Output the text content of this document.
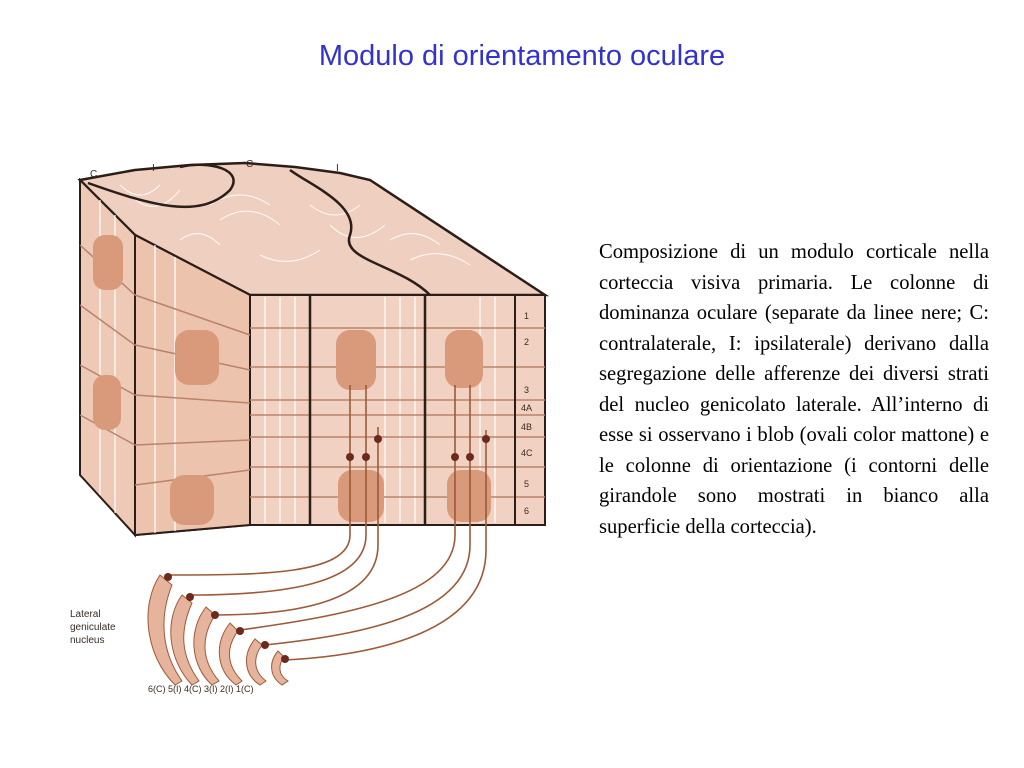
Modulo di orientamento oculare
C
I	C	I
1
2
3
4A
4B
4C
5
6
Lateral
geniculate
nucleus
6(C) 5(I) 4(C) 3(I) 2(I) 1(C)
Composizione di un modulo corticale nella corteccia visiva primaria. Le colonne di dominanza oculare (separate da linee nere; C: contralaterale, I: ipsilaterale) derivano dalla segregazione delle afferenze dei diversi strati del nucleo genicolato laterale. All’interno di esse si osservano i blob (ovali color mattone) e le colonne di orientazione (i contorni delle girandole sono mostrati in bianco alla superficie della corteccia).
